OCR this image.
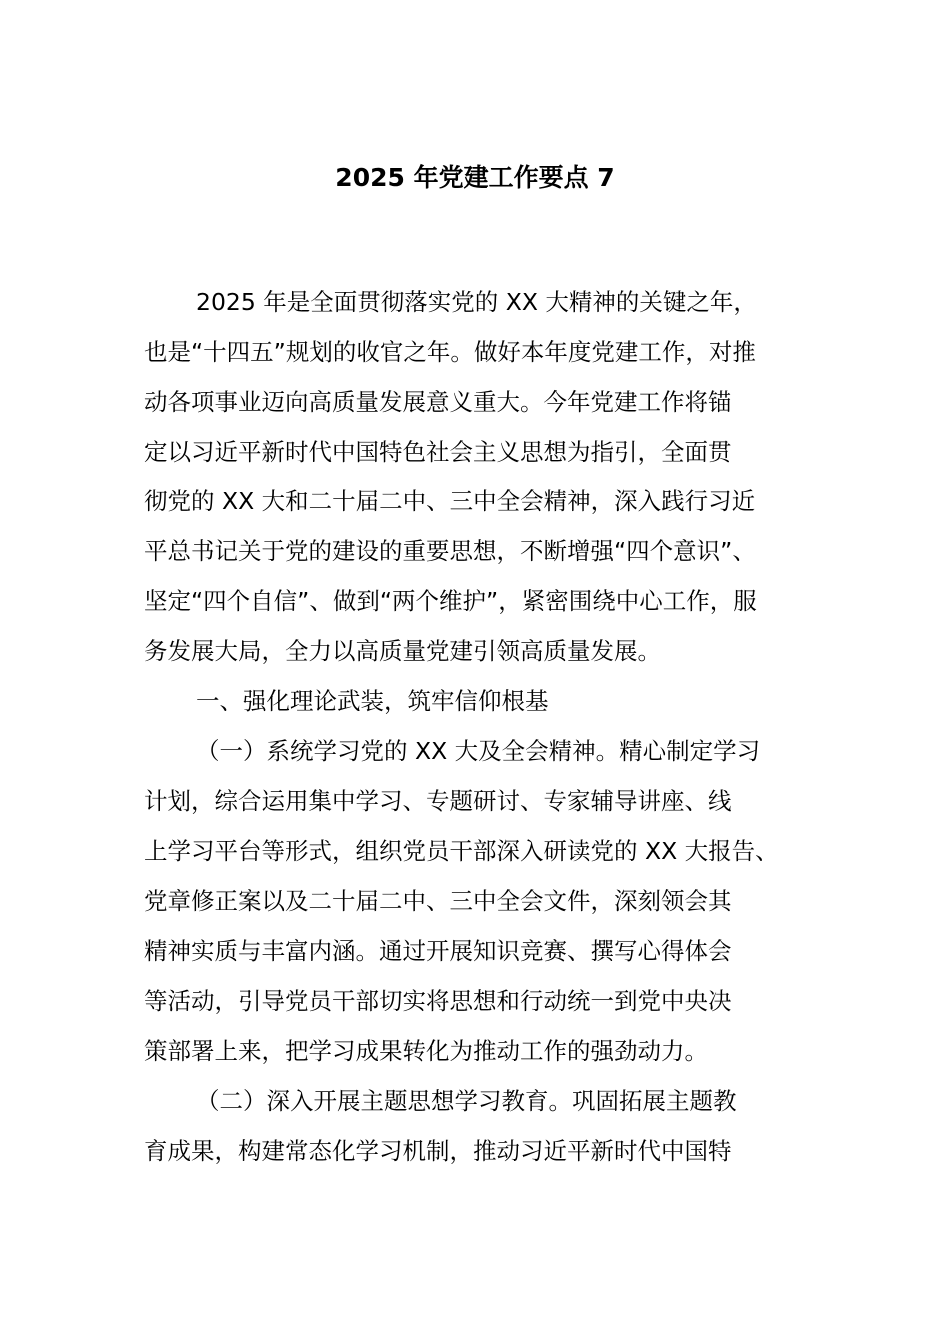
2025 年党建工作要点 7
2025 年是全面贯彻落实党的 XX 大精神的关键之年，
也是“十四五”规划的收官之年。做好本年度党建工作，对推
动各项事业迈向高质量发展意义重大。今年党建工作将锚
定以习近平新时代中国特色社会主义思想为指引，全面贯
彻党的 XX 大和二十届二中、三中全会精神，深入践行习近
平总书记关于党的建设的重要思想，不断增强“四个意识”、
坚定“四个自信”、做到“两个维护”，紧密围绕中心工作，服
务发展大局，全力以高质量党建引领高质量发展。
一、强化理论武装，筑牢信仰根基
（一）系统学习党的 XX 大及全会精神。精心制定学习
计划，综合运用集中学习、专题研讨、专家辅导讲座、线
上学习平台等形式，组织党员干部深入研读党的 XX 大报告、
党章修正案以及二十届二中、三中全会文件，深刻领会其
精神实质与丰富内涵。通过开展知识竞赛、撰写心得体会
等活动，引导党员干部切实将思想和行动统一到党中央决
策部署上来，把学习成果转化为推动工作的强劲动力。
（二）深入开展主题思想学习教育。巩固拓展主题教
育成果，构建常态化学习机制，推动习近平新时代中国特
